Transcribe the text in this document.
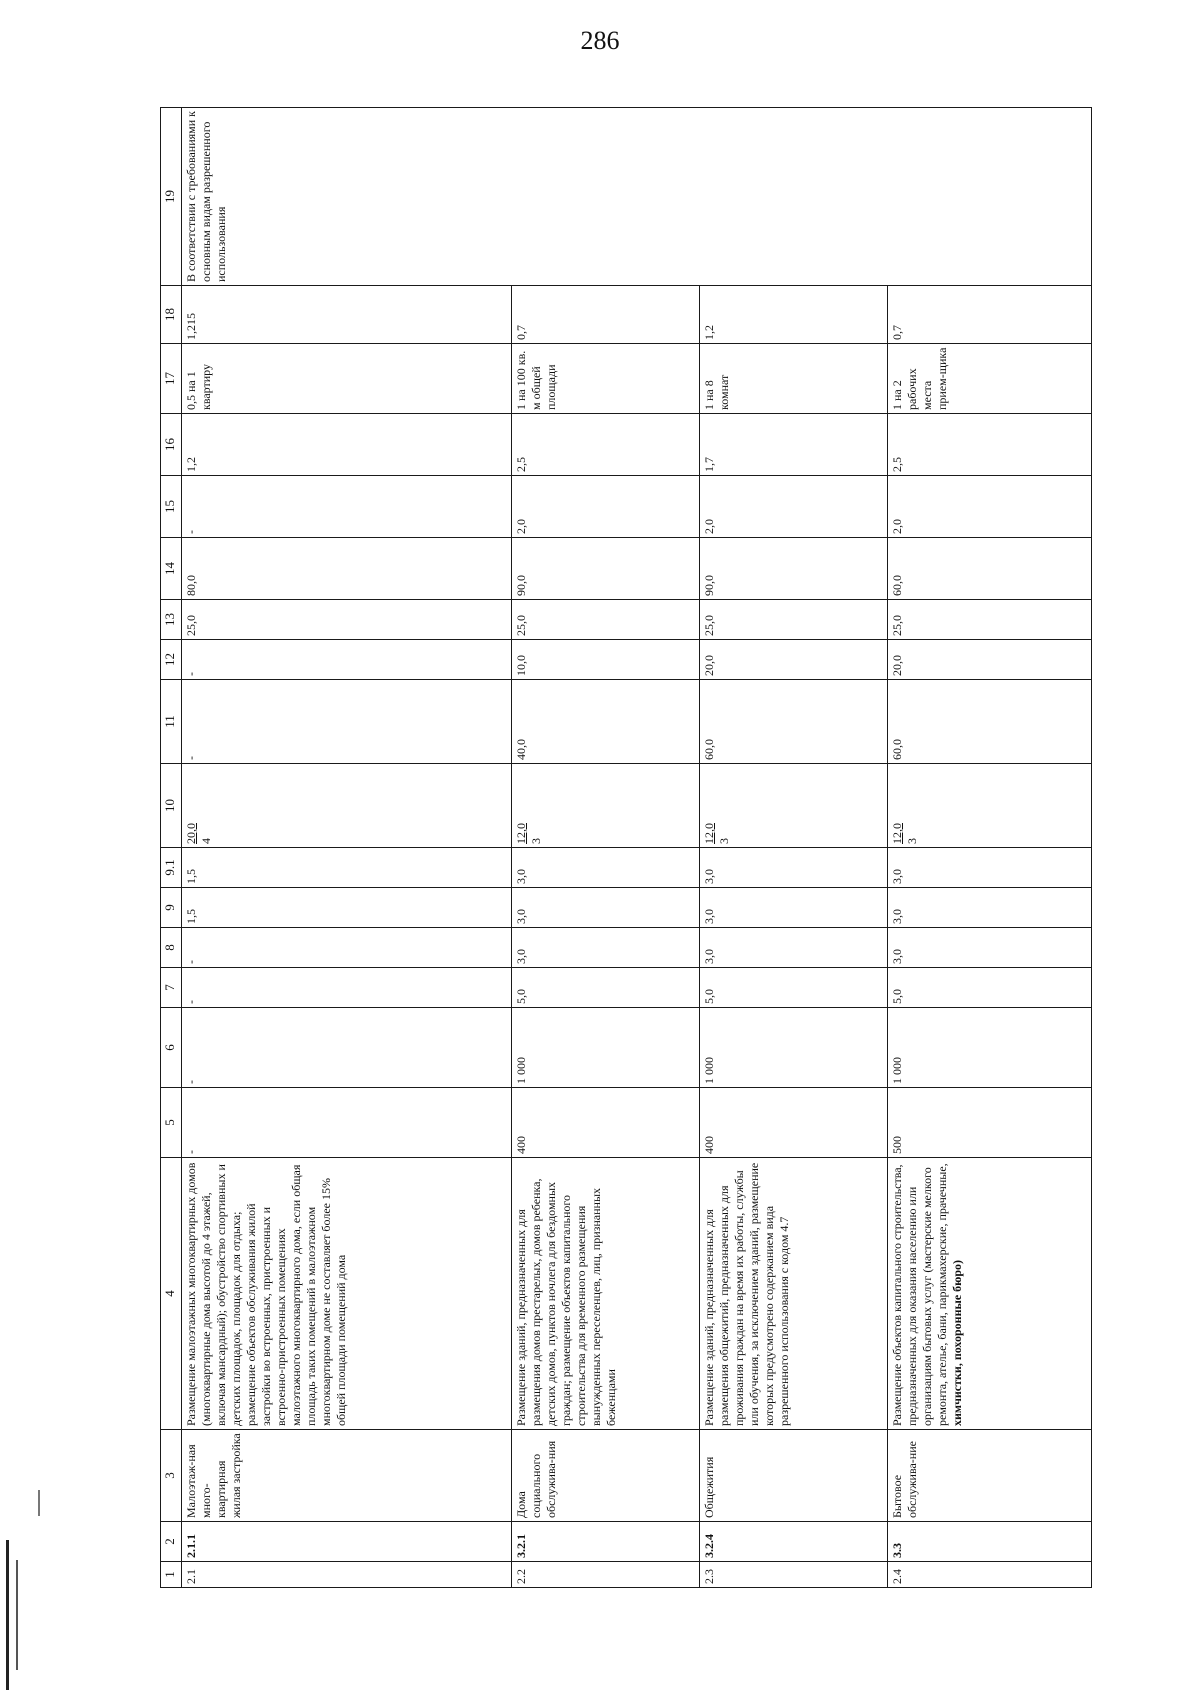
286
1	2	3	4	5	6	7	8	9	9.1	10	11	12	13	14	15	16	17	18	19
2.1	2.1.1	Малоэтаж-ная много-квартирная жилая застройка	Размещение малоэтажных многоквартирных домов (многоквартирные дома высотой до 4 этажей, включая мансардный); обустройство спортивных и детских площадок, площадок для отдыха; размещение объектов обслуживания жилой застройки во встроенных, пристроенных и встроенно-пристроенных помещениях малоэтажного многоквартирного дома, если общая площадь таких помещений в малоэтажном многоквартирном доме не составляет более 15% общей площади помещений дома	-	-	-	-	1,5	1,5	20,0 4	-	-	25,0	80,0	-	1,2	0,5 на 1 квартиру	1,215	В соответствии с требованиями к основным видам разрешенного использования
2.2	3.2.1	Дома социального обслужива-ния	Размещение зданий, предназначенных для размещения домов престарелых, домов ребенка, детских домов, пунктов ночлега для бездомных граждан; размещение объектов капитального строительства для временного размещения вынужденных переселенцев, лиц, признанных беженцами	400	1 000	5,0	3,0	3,0	3,0	12,0 3	40,0	10,0	25,0	90,0	2,0	2,5	1 на 100 кв. м общей площади	0,7	
2.3	3.2.4	Общежития	Размещение зданий, предназначенных для размещения общежитий, предназначенных для проживания граждан на время их работы, службы или обучения, за исключением зданий, размещение которых предусмотрено содержанием вида разрешенного использования с кодом 4.7	400	1 000	5,0	3,0	3,0	3,0	12,0 3	60,0	20,0	25,0	90,0	2,0	1,7	1 на 8 комнат	1,2	
2.4	3.3	Бытовое обслужива-ние	Размещение объектов капитального строительства, предназначенных для оказания населению или организациям бытовых услуг (мастерские мелкого ремонта, ателье, бани, парикмахерские, прачечные, химчистки, похоронные бюро)	500	1 000	5,0	3,0	3,0	3,0	12,0 3	60,0	20,0	25,0	60,0	2,0	2,5	1 на 2 рабочих места прием-щика	0,7	
